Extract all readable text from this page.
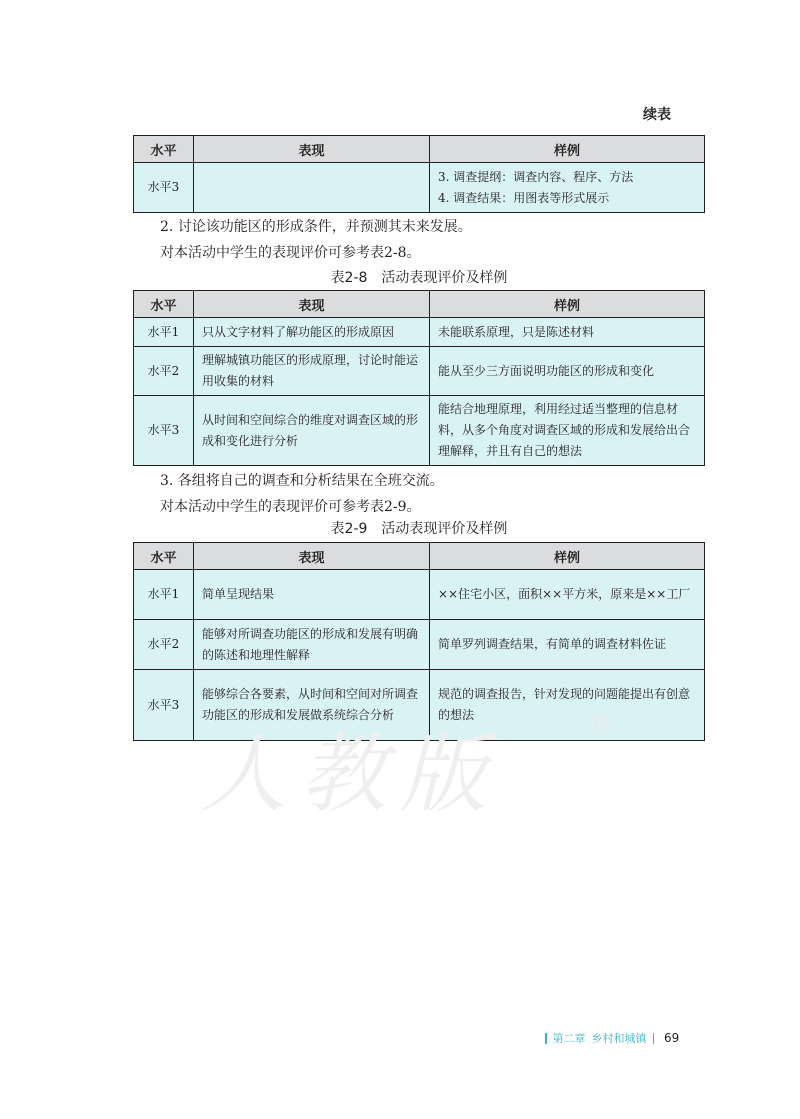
续表
水平	表现	样例
水平3		3. 调查提纲：调查内容、程序、方法
4. 调查结果：用图表等形式展示
2. 讨论该功能区的形成条件，并预测其未来发展。
对本活动中学生的表现评价可参考表2-8。
表2-8　活动表现评价及样例
水平	表现	样例
水平1	只从文字材料了解功能区的形成原因	未能联系原理，只是陈述材料
水平2	理解城镇功能区的形成原理，讨论时能运用收集的材料	能从至少三方面说明功能区的形成和变化
水平3	从时间和空间综合的维度对调查区域的形成和变化进行分析	能结合地理原理，利用经过适当整理的信息材料，从多个角度对调查区域的形成和发展给出合理解释，并且有自己的想法
3. 各组将自己的调查和分析结果在全班交流。
对本活动中学生的表现评价可参考表2-9。
表2-9　活动表现评价及样例
水平	表现	样例
水平1	简单呈现结果	××住宅小区，面积××平方米，原来是××工厂
水平2	能够对所调查功能区的形成和发展有明确的陈述和地理性解释	简单罗列调查结果，有简单的调查材料佐证
水平3	能够综合各要素，从时间和空间对所调查功能区的形成和发展做系统综合分析	规范的调查报告，针对发现的问题能提出有创意的想法
人教版
®
第二章 乡村和城镇 69
